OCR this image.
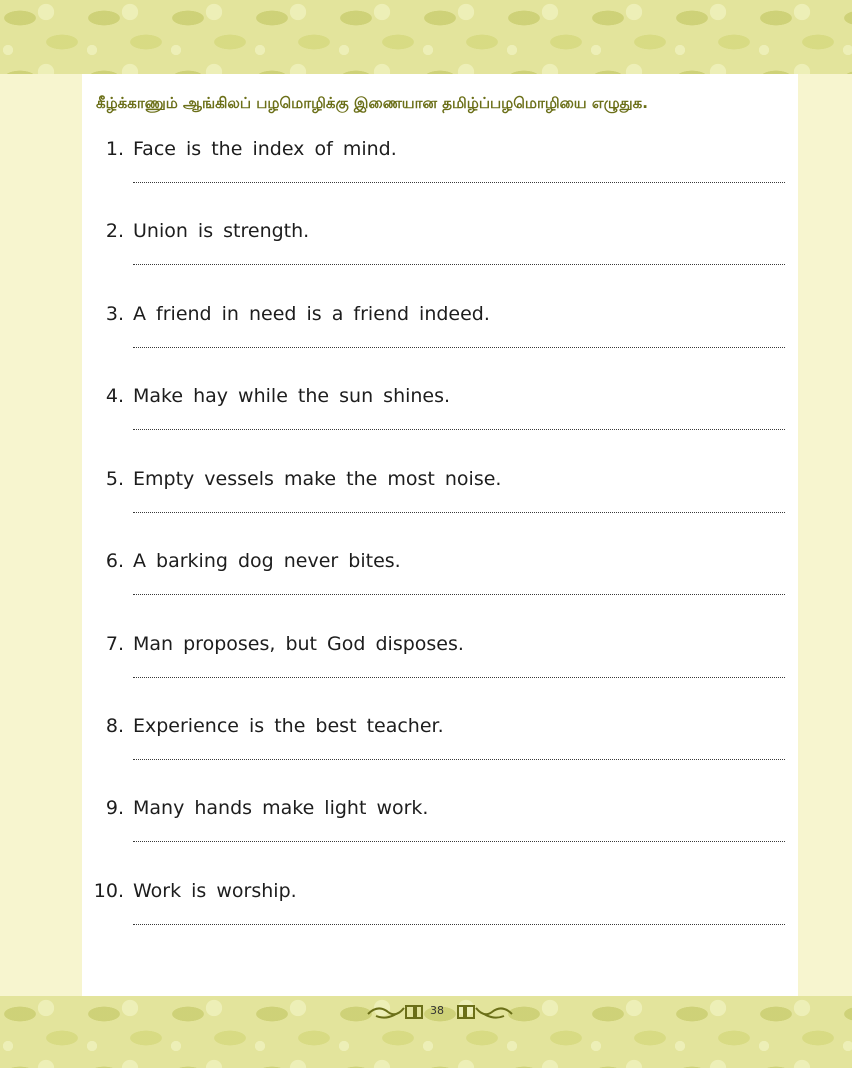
கீழ்க்காணும் ஆங்கிலப் பழமொழிக்கு இணையான தமிழ்ப்பழமொழியை எழுதுக.
1. Face is the index of mind.
2. Union is strength.
3. A friend in need is a friend indeed.
4. Make hay while the sun shines.
5. Empty vessels make the most noise.
6. A barking dog never bites.
7. Man proposes, but God disposes.
8. Experience is the best teacher.
9. Many hands make light work.
10. Work is worship.
38
